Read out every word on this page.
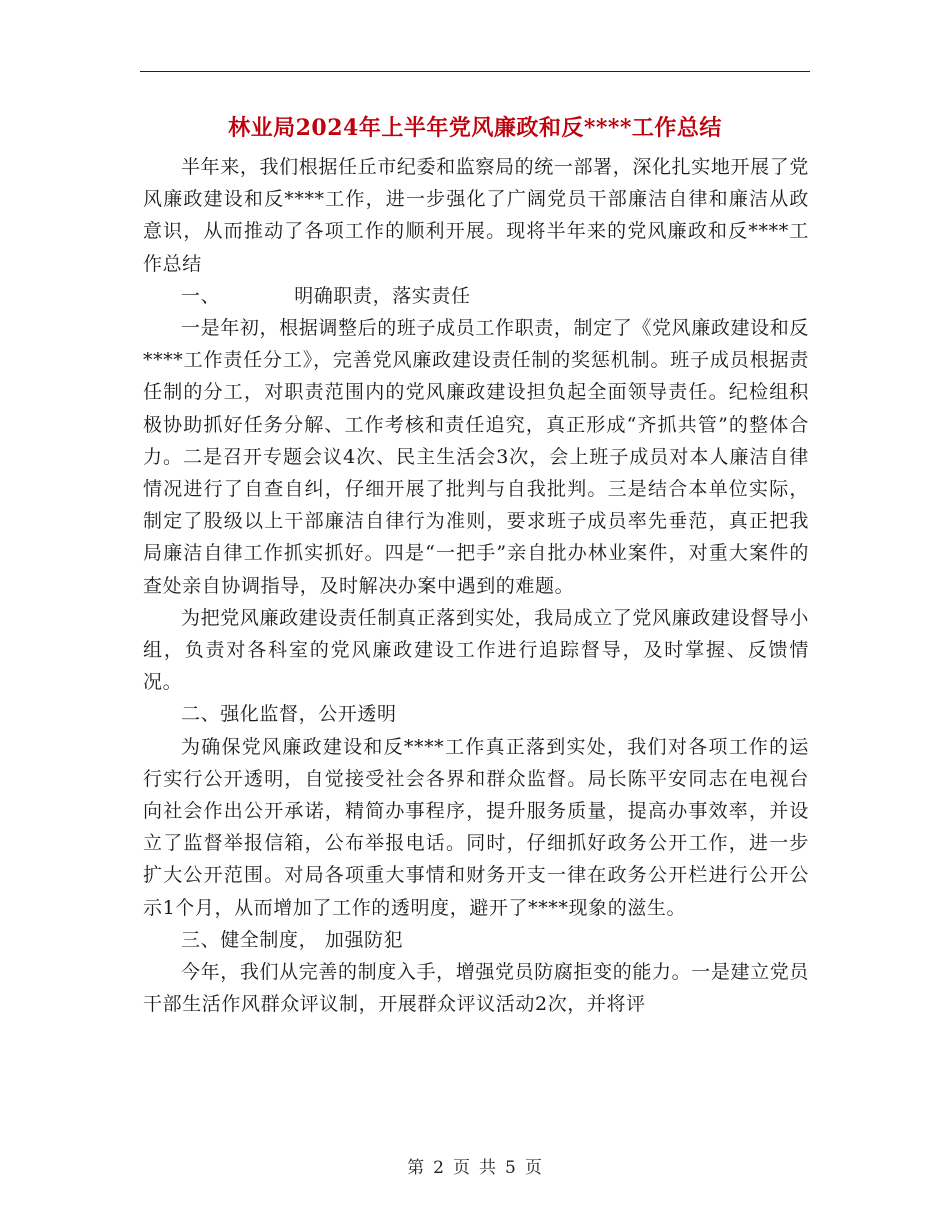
林业局2024年上半年党风廉政和反****工作总结

半年来，我们根据任丘市纪委和监察局的统一部署，深化扎实地开展了党风廉政建设和反****工作，进一步强化了广阔党员干部廉洁自律和廉洁从政意识，从而推动了各项工作的顺利开展。现将半年来的党风廉政和反****工作总结

一、	明确职责，落实责任

一是年初，根据调整后的班子成员工作职责，制定了《党风廉政建设和反****工作责任分工》，完善党风廉政建设责任制的奖惩机制。班子成员根据责任制的分工，对职责范围内的党风廉政建设担负起全面领导责任。纪检组积极协助抓好任务分解、工作考核和责任追究，真正形成“齐抓共管”的整体合力。二是召开专题会议4次、民主生活会3次，会上班子成员对本人廉洁自律情况进行了自查自纠，仔细开展了批判与自我批判。三是结合本单位实际，制定了股级以上干部廉洁自律行为准则，要求班子成员率先垂范，真正把我局廉洁自律工作抓实抓好。四是“一把手”亲自批办林业案件，对重大案件的查处亲自协调指导，及时解决办案中遇到的难题。

为把党风廉政建设责任制真正落到实处，我局成立了党风廉政建设督导小组，负责对各科室的党风廉政建设工作进行追踪督导，及时掌握、反馈情况。

二、强化监督，公开透明

为确保党风廉政建设和反****工作真正落到实处，我们对各项工作的运行实行公开透明，自觉接受社会各界和群众监督。局长陈平安同志在电视台向社会作出公开承诺，精简办事程序，提升服务质量，提高办事效率，并设立了监督举报信箱，公布举报电话。同时，仔细抓好政务公开工作，进一步扩大公开范围。对局各项重大事情和财务开支一律在政务公开栏进行公开公示1个月，从而增加了工作的透明度，避开了****现象的滋生。

三、健全制度， 加强防犯

今年，我们从完善的制度入手，增强党员防腐拒变的能力。一是建立党员干部生活作风群众评议制，开展群众评议活动2次，并将评

第 2 页 共 5 页
